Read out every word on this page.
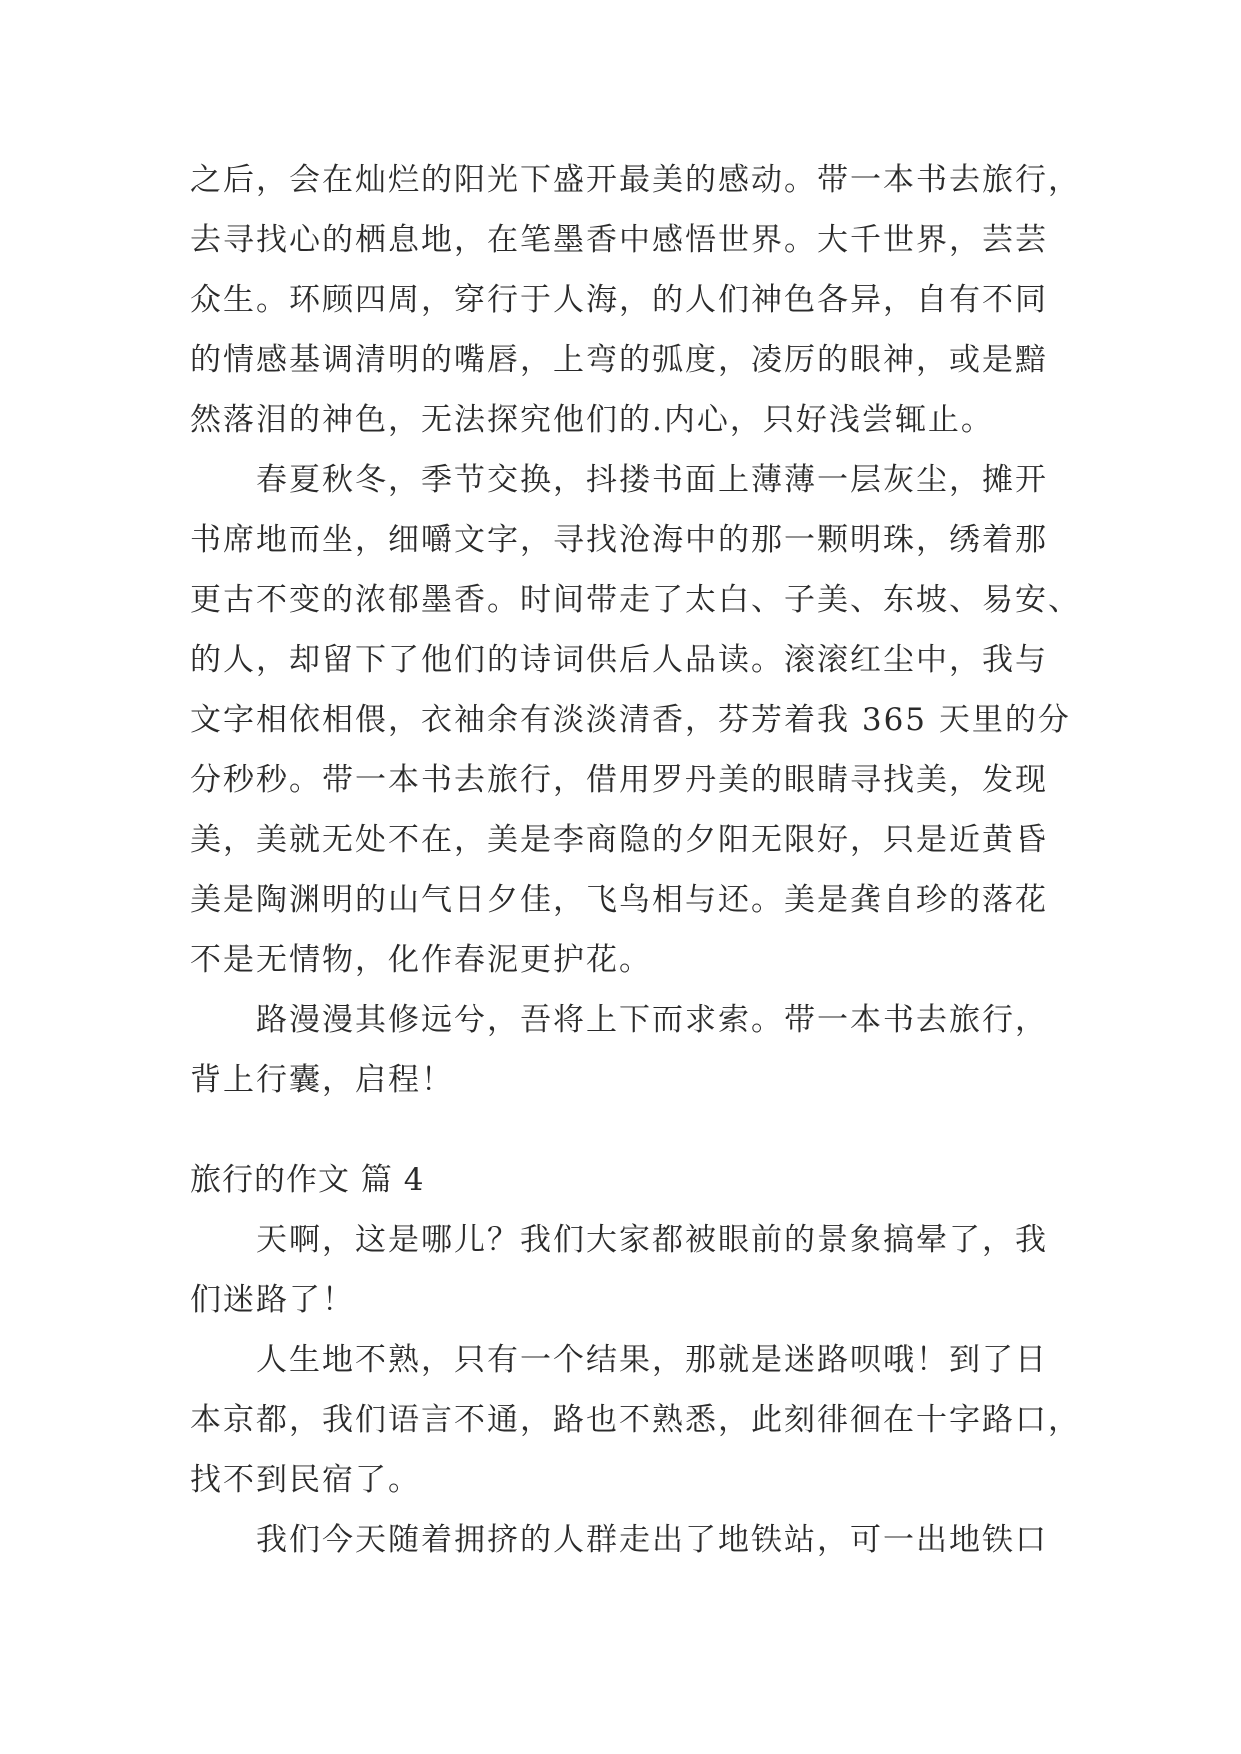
之后，会在灿烂的阳光下盛开最美的感动。带一本书去旅行，
去寻找心的栖息地，在笔墨香中感悟世界。大千世界，芸芸
众生。环顾四周，穿行于人海，的人们神色各异，自有不同
的情感基调清明的嘴唇，上弯的弧度，凌厉的眼神，或是黯
然落泪的神色，无法探究他们的.内心，只好浅尝辄止。
春夏秋冬，季节交换，抖搂书面上薄薄一层灰尘，摊开
书席地而坐，细嚼文字，寻找沧海中的那一颗明珠，绣着那
更古不变的浓郁墨香。时间带走了太白、子美、东坡、易安、
的人，却留下了他们的诗词供后人品读。滚滚红尘中，我与
文字相依相偎，衣袖余有淡淡清香，芬芳着我 365 天里的分
分秒秒。带一本书去旅行，借用罗丹美的眼睛寻找美，发现
美，美就无处不在，美是李商隐的夕阳无限好，只是近黄昏
美是陶渊明的山气日夕佳，飞鸟相与还。美是龚自珍的落花
不是无情物，化作春泥更护花。
路漫漫其修远兮，吾将上下而求索。带一本书去旅行，
背上行囊，启程！
旅行的作文 篇 4
天啊，这是哪儿？我们大家都被眼前的景象搞晕了，我
们迷路了！
人生地不熟，只有一个结果，那就是迷路呗哦！到了日
本京都，我们语言不通，路也不熟悉，此刻徘徊在十字路口，
找不到民宿了。
我们今天随着拥挤的人群走出了地铁站，可一出地铁口
